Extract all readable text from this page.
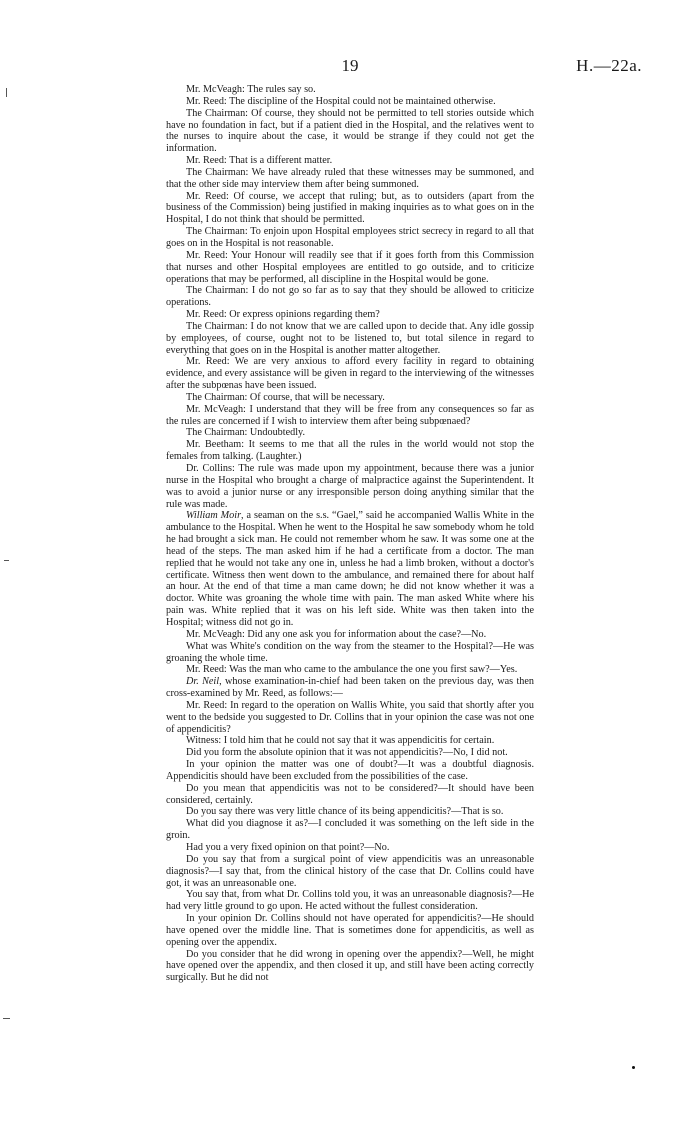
19	H.—22a.

Mr. McVeagh: The rules say so.

Mr. Reed: The discipline of the Hospital could not be maintained otherwise.

The Chairman: Of course, they should not be permitted to tell stories outside which have no foundation in fact, but if a patient died in the Hospital, and the relatives went to the nurses to inquire about the case, it would be strange if they could not get the information.

Mr. Reed: That is a different matter.

The Chairman: We have already ruled that these witnesses may be summoned, and that the other side may interview them after being summoned.

Mr. Reed: Of course, we accept that ruling; but, as to outsiders (apart from the business of the Commission) being justified in making inquiries as to what goes on in the Hospital, I do not think that should be permitted.

The Chairman: To enjoin upon Hospital employees strict secrecy in regard to all that goes on in the Hospital is not reasonable.

Mr. Reed: Your Honour will readily see that if it goes forth from this Commission that nurses and other Hospital employees are entitled to go outside, and to criticize operations that may be performed, all discipline in the Hospital would be gone.

The Chairman: I do not go so far as to say that they should be allowed to criticize operations.

Mr. Reed: Or express opinions regarding them?

The Chairman: I do not know that we are called upon to decide that. Any idle gossip by employees, of course, ought not to be listened to, but total silence in regard to everything that goes on in the Hospital is another matter altogether.

Mr. Reed: We are very anxious to afford every facility in regard to obtaining evidence, and every assistance will be given in regard to the interviewing of the witnesses after the subpœnas have been issued.

The Chairman: Of course, that will be necessary.

Mr. McVeagh: I understand that they will be free from any consequences so far as the rules are concerned if I wish to interview them after being subpœnaed?

The Chairman: Undoubtedly.

Mr. Beetham: It seems to me that all the rules in the world would not stop the females from talking. (Laughter.)

Dr. Collins: The rule was made upon my appointment, because there was a junior nurse in the Hospital who brought a charge of malpractice against the Superintendent. It was to avoid a junior nurse or any irresponsible person doing anything similar that the rule was made.

William Moir, a seaman on the s.s. “Gael,” said he accompanied Wallis White in the ambulance to the Hospital. When he went to the Hospital he saw somebody whom he told he had brought a sick man. He could not remember whom he saw. It was some one at the head of the steps. The man asked him if he had a certificate from a doctor. The man replied that he would not take any one in, unless he had a limb broken, without a doctor's certificate. Witness then went down to the ambulance, and remained there for about half an hour. At the end of that time a man came down; he did not know whether it was a doctor. White was groaning the whole time with pain. The man asked White where his pain was. White replied that it was on his left side. White was then taken into the Hospital; witness did not go in.

Mr. McVeagh: Did any one ask you for information about the case?—No.

What was White's condition on the way from the steamer to the Hospital?—He was groaning the whole time.

Mr. Reed: Was the man who came to the ambulance the one you first saw?—Yes.

Dr. Neil, whose examination-in-chief had been taken on the previous day, was then cross-examined by Mr. Reed, as follows:—

Mr. Reed: In regard to the operation on Wallis White, you said that shortly after you went to the bedside you suggested to Dr. Collins that in your opinion the case was not one of appendicitis?

Witness: I told him that he could not say that it was appendicitis for certain.

Did you form the absolute opinion that it was not appendicitis?—No, I did not.

In your opinion the matter was one of doubt?—It was a doubtful diagnosis. Appendicitis should have been excluded from the possibilities of the case.

Do you mean that appendicitis was not to be considered?—It should have been considered, certainly.

Do you say there was very little chance of its being appendicitis?—That is so.

What did you diagnose it as?—I concluded it was something on the left side in the groin.

Had you a very fixed opinion on that point?—No.

Do you say that from a surgical point of view appendicitis was an unreasonable diagnosis?—I say that, from the clinical history of the case that Dr. Collins could have got, it was an unreasonable one.

You say that, from what Dr. Collins told you, it was an unreasonable diagnosis?—He had very little ground to go upon. He acted without the fullest consideration.

In your opinion Dr. Collins should not have operated for appendicitis?—He should have opened over the middle line. That is sometimes done for appendicitis, as well as opening over the appendix.

Do you consider that he did wrong in opening over the appendix?—Well, he might have opened over the appendix, and then closed it up, and still have been acting correctly surgically. But he did not
